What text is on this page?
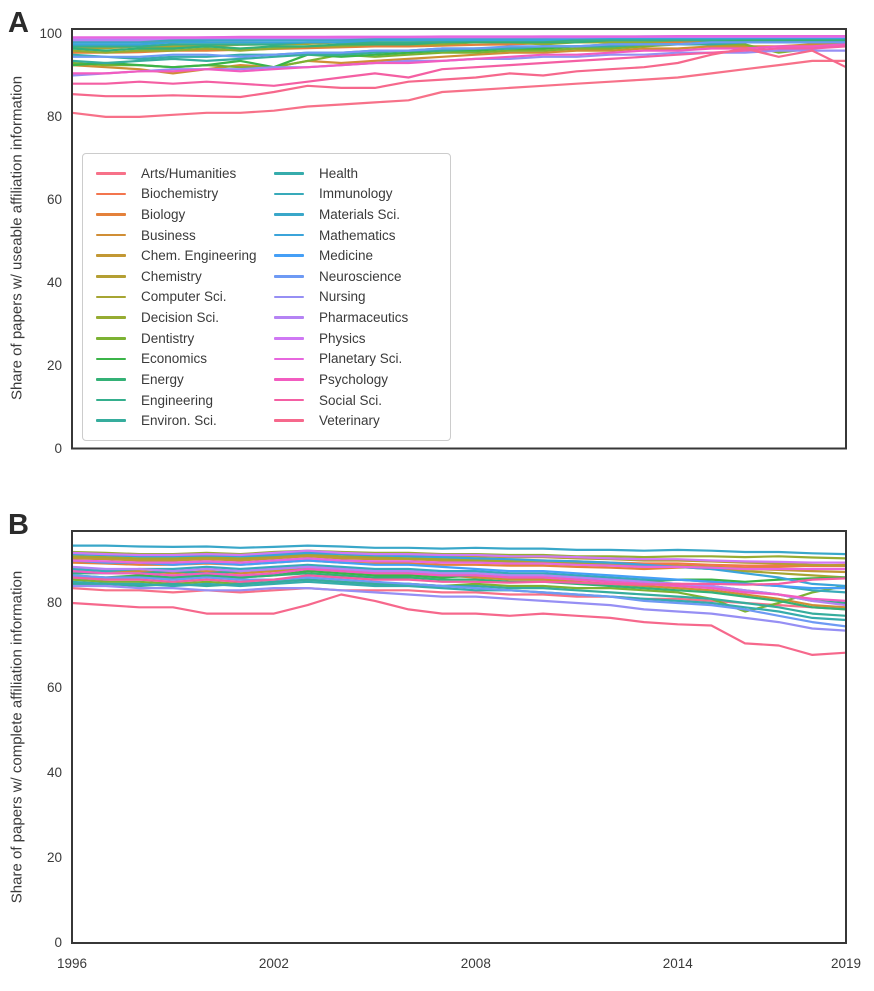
A
B
Share of papers w/ useable affiliation information
Share of papers w/ complete affiliation information
Arts/Humanities
Biochemistry
Biology
Business
Chem. Engineering
Chemistry
Computer Sci.
Decision Sci.
Dentistry
Economics
Energy
Engineering
Environ. Sci.
Health
Immunology
Materials Sci.
Mathematics
Medicine
Neuroscience
Nursing
Pharmaceutics
Physics
Planetary Sci.
Psychology
Social Sci.
Veterinary
0
20
40
60
80
100
0
20
40
60
80
1996	2002	2008	2014	2019
